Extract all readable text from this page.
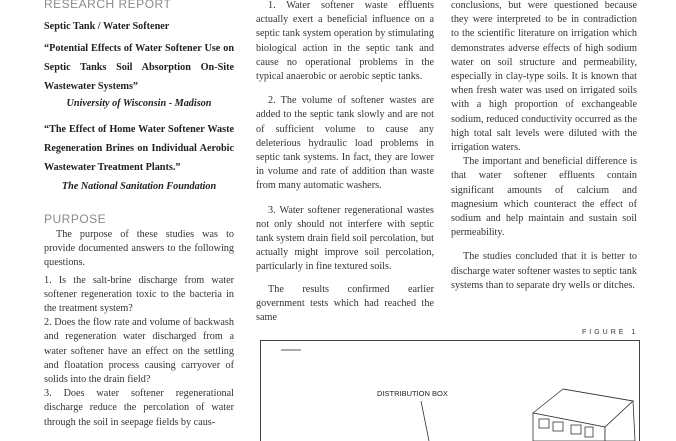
RESEARCH REPORT

Septic Tank / Water Softener

“Potential Effects of Water Softener Use on Septic Tanks Soil Absorption On-Site Wastewater Systems”

University of Wisconsin - Madison

“The Effect of Home Water Softener Waste Regeneration Brines on Individual Aerobic Wastewater Treatment Plants.”

The National Sanitation Foundation

PURPOSE

The purpose of these studies was to provide documented answers to the following questions.

1. Is the salt-brine discharge from water softener regeneration toxic to the bacteria in the treatment system?

2. Does the flow rate and volume of backwash and regeneration water discharged from a water softener have an effect on the settling and floatation process causing carryover of solids into the drain field?

3. Does water softener regenerational discharge reduce the percolation of water through the soil in seepage fields by caus-

1. Water softener waste effluents actually exert a beneficial influence on a septic tank system operation by stimulating biological action in the septic tank and cause no operational problems in the typical anaerobic or aerobic septic tanks.

2. The volume of softener wastes are added to the septic tank slowly and are not of sufficient volume to cause any deleterious hydraulic load problems in septic tank systems. In fact, they are lower in volume and rate of addition than waste from many automatic washers.

3. Water softener regenerational wastes not only should not interfere with septic tank system drain field soil percolation, but actually might improve soil percolation, particularly in fine textured soils.

The results confirmed earlier government tests which had reached the same

conclusions, but were questioned because they were interpreted to be in contradiction to the scientific literature on irrigation which demonstrates adverse effects of high sodium water on soil structure and permeability, especially in clay-type soils. It is known that when fresh water was used on irrigated soils with a high proportion of exchangeable sodium, reduced conductivity occurred as the high total salt levels were diluted with the irrigation waters.

The important and beneficial difference is that water softener effluents contain significant amounts of calcium and magnesium which counteract the effect of sodium and help maintain and sustain soil permeability.

The studies concluded that it is better to discharge water softener wastes to septic tank systems than to separate dry wells or ditches.

FIGURE 1
DISTRIBUTION BOX
